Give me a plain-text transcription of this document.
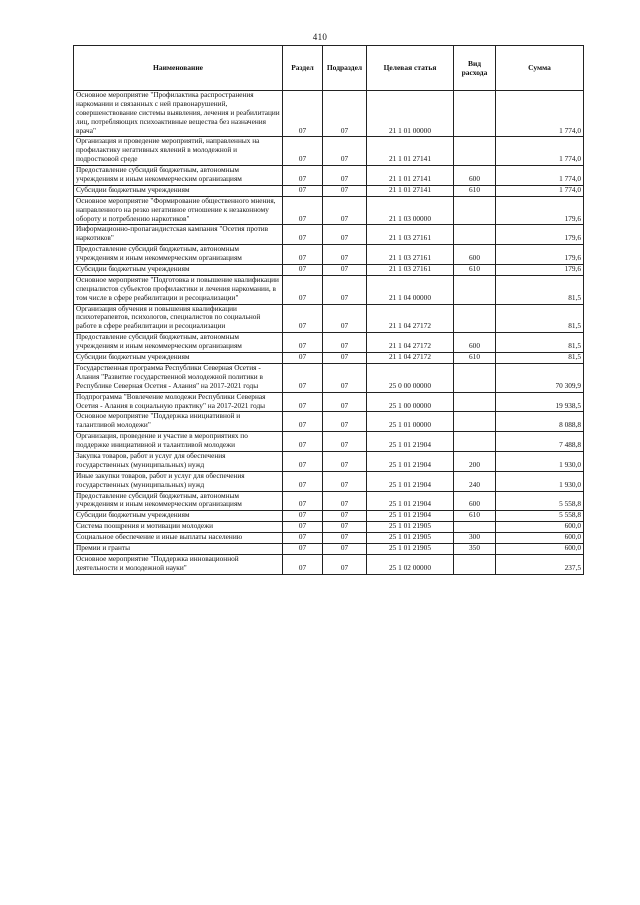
410
Наименование	Раздел	Подраздел	Целевая статья	Вид расхода	Сумма
Основное мероприятие "Профилактика распространения наркомании и связанных с ней правонарушений, совершенствование системы выявления, лечения и реабилитации лиц, потребляющих психоактивные вещества без назначения врача"	07	07	21 1 01 00000		1 774,0
Организация и проведение мероприятий, направленных на профилактику негативных явлений в молодежной и подростковой среде	07	07	21 1 01 27141		1 774,0
Предоставление субсидий бюджетным, автономным учреждениям и иным некоммерческим организациям	07	07	21 1 01 27141	600	1 774,0
Субсидии бюджетным учреждениям	07	07	21 1 01 27141	610	1 774,0
Основное мероприятие "Формирование общественного мнения, направленного на резко негативное отношение к незаконному обороту и потреблению наркотиков"	07	07	21 1 03 00000		179,6
Информационно-пропагандистская кампания "Осетия против наркотиков"	07	07	21 1 03 27161		179,6
Предоставление субсидий бюджетным, автономным учреждениям и иным некоммерческим организациям	07	07	21 1 03 27161	600	179,6
Субсидии бюджетным учреждениям	07	07	21 1 03 27161	610	179,6
Основное мероприятие "Подготовка и повышение квалификации специалистов субъектов профилактики и лечения наркомании, в том числе в сфере реабилитации и ресоциализации"	07	07	21 1 04 00000		81,5
Организация обучения и повышения квалификации психотерапевтов, психологов, специалистов по социальной работе в сфере реабилитации и ресоциализации	07	07	21 1 04 27172		81,5
Предоставление субсидий бюджетным, автономным учреждениям и иным некоммерческим организациям	07	07	21 1 04 27172	600	81,5
Субсидии бюджетным учреждениям	07	07	21 1 04 27172	610	81,5
Государственная программа Республики Северная Осетия - Алания "Развитие государственной молодежной политики в Республике Северная Осетия - Алания" на 2017-2021 годы	07	07	25 0 00 00000		70 309,9
Подпрограмма "Вовлечение молодежи Республики Северная Осетия - Алания в социальную практику" на 2017-2021 годы	07	07	25 1 00 00000		19 938,5
Основное мероприятие "Поддержка инициативной и талантливой молодежи"	07	07	25 1 01 00000		8 088,8
Организация, проведение и участие в мероприятиях по поддержке инициативной и талантливой молодежи	07	07	25 1 01 21904		7 488,8
Закупка товаров, работ и услуг для обеспечения государственных (муниципальных) нужд	07	07	25 1 01 21904	200	1 930,0
Иные закупки товаров, работ и услуг для обеспечения государственных (муниципальных) нужд	07	07	25 1 01 21904	240	1 930,0
Предоставление субсидий бюджетным, автономным учреждениям и иным некоммерческим организациям	07	07	25 1 01 21904	600	5 558,8
Субсидии бюджетным учреждениям	07	07	25 1 01 21904	610	5 558,8
Система поощрения и мотивации молодежи	07	07	25 1 01 21905		600,0
Социальное обеспечение и иные выплаты населению	07	07	25 1 01 21905	300	600,0
Премии и гранты	07	07	25 1 01 21905	350	600,0
Основное мероприятие "Поддержка инновационной деятельности и молодежной науки"	07	07	25 1 02 00000		237,5
